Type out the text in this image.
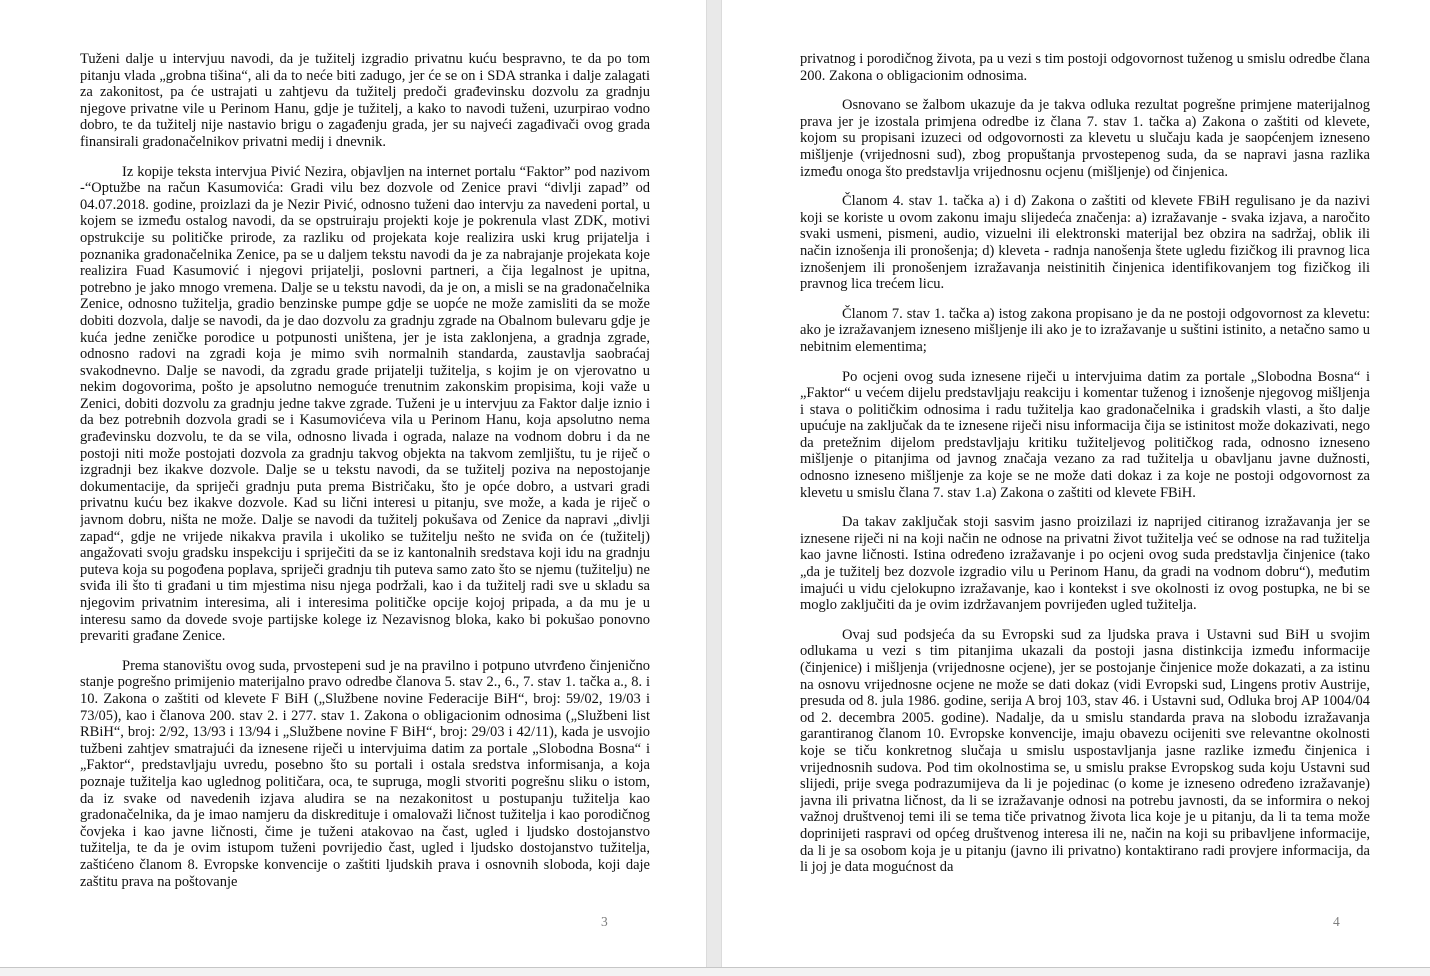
Tuženi dalje u intervjuu navodi, da je tužitelj izgradio privatnu kuću bespravno, te da po tom pitanju vlada „grobna tišina“, ali da to neće biti zadugo, jer će se on i SDA stranka i dalje zalagati za zakonitost, pa će ustrajati u zahtjevu da tužitelj predoči građevinsku dozvolu za gradnju njegove privatne vile u Perinom Hanu, gdje je tužitelj, a kako to navodi tuženi, uzurpirao vodno dobro, te da tužitelj nije nastavio brigu o zagađenju grada, jer su najveći zagađivači ovog grada finansirali gradonačelnikov privatni medij i dnevnik.

Iz kopije teksta intervjua Pivić Nezira, objavljen na internet portalu “Faktor” pod nazivom -“Optužbe na račun Kasumovića: Gradi vilu bez dozvole od Zenice pravi “divlji zapad” od 04.07.2018. godine, proizlazi da je Nezir Pivić, odnosno tuženi dao intervju za navedeni portal, u kojem se između ostalog navodi, da se opstruiraju projekti koje je pokrenula vlast ZDK, motivi opstrukcije su političke prirode, za razliku od projekata koje realizira uski krug prijatelja i poznanika gradonačelnika Zenice, pa se u daljem tekstu navodi da je za nabrajanje projekata koje realizira Fuad Kasumović i njegovi prijatelji, poslovni partneri, a čija legalnost je upitna, potrebno je jako mnogo vremena. Dalje se u tekstu navodi, da je on, a misli se na gradonačelnika Zenice, odnosno tužitelja, gradio benzinske pumpe gdje se uopće ne može zamisliti da se može dobiti dozvola, dalje se navodi, da je dao dozvolu za gradnju zgrade na Obalnom bulevaru gdje je kuća jedne zeničke porodice u potpunosti uništena, jer je ista zaklonjena, a gradnja zgrade, odnosno radovi na zgradi koja je mimo svih normalnih standarda, zaustavlja saobraćaj svakodnevno. Dalje se navodi, da zgradu grade prijatelji tužitelja, s kojim je on vjerovatno u nekim dogovorima, pošto je apsolutno nemoguće trenutnim zakonskim propisima, koji važe u Zenici, dobiti dozvolu za gradnju jedne takve zgrade. Tuženi je u intervjuu za Faktor dalje iznio i da bez potrebnih dozvola gradi se i Kasumovićeva vila u Perinom Hanu, koja apsolutno nema građevinsku dozvolu, te da se vila, odnosno livada i ograda, nalaze na vodnom dobru i da ne postoji niti može postojati dozvola za gradnju takvog objekta na takvom zemljištu, tu je riječ o izgradnji bez ikakve dozvole. Dalje se u tekstu navodi, da se tužitelj poziva na nepostojanje dokumentacije, da spriječi gradnju puta prema Bistričaku, što je opće dobro, a ustvari gradi privatnu kuću bez ikakve dozvole. Kad su lični interesi u pitanju, sve može, a kada je riječ o javnom dobru, ništa ne može. Dalje se navodi da tužitelj pokušava od Zenice da napravi „divlji zapad“, gdje ne vrijede nikakva pravila i ukoliko se tužitelju nešto ne sviđa on će (tužitelj) angažovati svoju gradsku inspekciju i spriječiti da se iz kantonalnih sredstava koji idu na gradnju puteva koja su pogođena poplava, spriječi gradnju tih puteva samo zato što se njemu (tužitelju) ne sviđa ili što ti građani u tim mjestima nisu njega podržali, kao i da tužitelj radi sve u skladu sa njegovim privatnim interesima, ali i interesima političke opcije kojoj pripada, a da mu je u interesu samo da dovede svoje partijske kolege iz Nezavisnog bloka, kako bi pokušao ponovno prevariti građane Zenice.

Prema stanovištu ovog suda, prvostepeni sud je na pravilno i potpuno utvrđeno činjenično stanje pogrešno primijenio materijalno pravo odredbe članova 5. stav 2., 6., 7. stav 1. tačka a., 8. i 10. Zakona o zaštiti od klevete F BiH („Službene novine Federacije BiH“, broj: 59/02, 19/03 i 73/05), kao i članova 200. stav 2. i 277. stav 1. Zakona o obligacionim odnosima („Službeni list RBiH“, broj: 2/92, 13/93 i 13/94 i „Službene novine F BiH“, broj: 29/03 i 42/11), kada je usvojio tužbeni zahtjev smatrajući da iznesene riječi u intervjuima datim za portale „Slobodna Bosna“ i „Faktor“, predstavljaju uvredu, posebno što su portali i ostala sredstva informisanja, a koja poznaje tužitelja kao uglednog političara, oca, te supruga, mogli stvoriti pogrešnu sliku o istom, da iz svake od navedenih izjava aludira se na nezakonitost u postupanju tužitelja kao gradonačelnika, da je imao namjeru da diskredituje i omalovaži ličnost tužitelja i kao porodičnog čovjeka i kao javne ličnosti, čime je tuženi atakovao na čast, ugled i ljudsko dostojanstvo tužitelja, te da je ovim istupom tuženi povrijedio čast, ugled i ljudsko dostojanstvo tužitelja, zaštićeno članom 8. Evropske konvencije o zaštiti ljudskih prava i osnovnih sloboda, koji daje zaštitu prava na poštovanje

3

privatnog i porodičnog života, pa u vezi s tim postoji odgovornost tuženog u smislu odredbe člana 200. Zakona o obligacionim odnosima.

Osnovano se žalbom ukazuje da je takva odluka rezultat pogrešne primjene materijalnog prava jer je izostala primjena odredbe iz člana 7. stav 1. tačka a) Zakona o zaštiti od klevete, kojom su propisani izuzeci od odgovornosti za klevetu u slučaju kada je saopćenjem izneseno mišljenje (vrijednosni sud), zbog propuštanja prvostepenog suda, da se napravi jasna razlika između onoga što predstavlja vrijednosnu ocjenu (mišljenje) od činjenica.

Članom 4. stav 1. tačka a) i d) Zakona o zaštiti od klevete FBiH regulisano je da nazivi koji se koriste u ovom zakonu imaju slijedeća značenja: a) izražavanje - svaka izjava, a naročito svaki usmeni, pismeni, audio, vizuelni ili elektronski materijal bez obzira na sadržaj, oblik ili način iznošenja ili pronošenja; d) kleveta - radnja nanošenja štete ugledu fizičkog ili pravnog lica iznošenjem ili pronošenjem izražavanja neistinitih činjenica identifikovanjem tog fizičkog ili pravnog lica trećem licu.

Članom 7. stav 1. tačka a) istog zakona propisano je da ne postoji odgovornost za klevetu: ako je izražavanjem izneseno mišljenje ili ako je to izražavanje u suštini istinito, a netačno samo u nebitnim elementima;

Po ocjeni ovog suda iznesene riječi u intervjuima datim za portale „Slobodna Bosna“ i „Faktor“ u većem dijelu predstavljaju reakciju i komentar tuženog i iznošenje njegovog mišljenja i stava o političkim odnosima i radu tužitelja kao gradonačelnika i gradskih vlasti, a što dalje upućuje na zaključak da te iznesene riječi nisu informacija čija se istinitost može dokazivati, nego da pretežnim dijelom predstavljaju kritiku tužiteljevog političkog rada, odnosno izneseno mišljenje o pitanjima od javnog značaja vezano za rad tužitelja u obavljanu javne dužnosti, odnosno izneseno mišljenje za koje se ne može dati dokaz i za koje ne postoji odgovornost za klevetu u smislu člana 7. stav 1.a) Zakona o zaštiti od klevete FBiH.

Da takav zaključak stoji sasvim jasno proizilazi iz naprijed citiranog izražavanja jer se iznesene riječi ni na koji način ne odnose na privatni život tužitelja već se odnose na rad tužitelja kao javne ličnosti. Istina određeno izražavanje i po ocjeni ovog suda predstavlja činjenice (tako „da je tužitelj bez dozvole izgradio vilu u Perinom Hanu, da gradi na vodnom dobru“), međutim imajući u vidu cjelokupno izražavanje, kao i kontekst i sve okolnosti iz ovog postupka, ne bi se moglo zaključiti da je ovim izdržavanjem povrijeđen ugled tužitelja.

Ovaj sud podsjeća da su Evropski sud za ljudska prava i Ustavni sud BiH u svojim odlukama u vezi s tim pitanjima ukazali da postoji jasna distinkcija između informacije (činjenice) i mišljenja (vrijednosne ocjene), jer se postojanje činjenice može dokazati, a za istinu na osnovu vrijednosne ocjene ne može se dati dokaz (vidi Evropski sud, Lingens protiv Austrije, presuda od 8. jula 1986. godine, serija A broj 103, stav 46. i Ustavni sud, Odluka broj AP 1004/04 od 2. decembra 2005. godine). Nadalje, da u smislu standarda prava na slobodu izražavanja garantiranog članom 10. Evropske konvencije, imaju obavezu ocijeniti sve relevantne okolnosti koje se tiču konkretnog slučaja u smislu uspostavljanja jasne razlike između činjenica i vrijednosnih sudova. Pod tim okolnostima se, u smislu prakse Evropskog suda koju Ustavni sud slijedi, prije svega podrazumijeva da li je pojedinac (o kome je izneseno određeno izražavanje) javna ili privatna ličnost, da li se izražavanje odnosi na potrebu javnosti, da se informira o nekoj važnoj društvenoj temi ili se tema tiče privatnog života lica koje je u pitanju, da li ta tema može doprinijeti raspravi od općeg društvenog interesa ili ne, način na koji su pribavljene informacije, da li je sa osobom koja je u pitanju (javno ili privatno) kontaktirano radi provjere informacija, da li joj je data mogućnost da

4
